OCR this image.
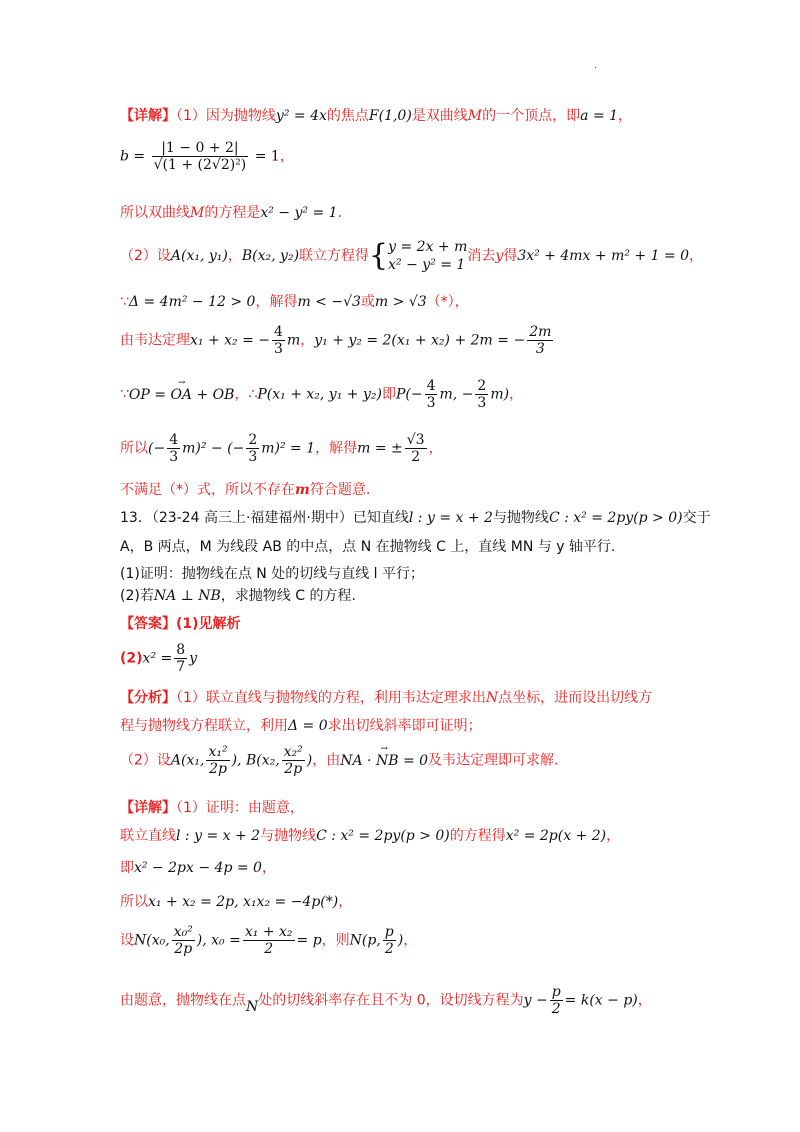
.
【详解】（1）因为抛物线y² = 4x的焦点F(1,0)是双曲线M的一个顶点，即a = 1，
$b = \frac{|1 - 0 + 2|}{\text{√(1 + (2√2)²)}} = 1$，
所以双曲线M的方程是x² − y² = 1.
（2）设A(x₁, y₁)，B(x₂, y₂)联立方程得{ y = 2x + m
x² − y² = 1
消去y得3x² + 4mx + m² + 1 = 0，
∵Δ = 4m² − 12 > 0，解得m < −√3或m > √3（*），
由韦达定理x₁ + x₂ = − $\frac{4}{3}$ m，y₁ + y₂ = 2(x₁ + x₂) + 2m = − $\frac{2m}{3}$
∵→ OP = OA + OB，∴P(x₁ + x₂, y₁ + y₂)即$P(- \frac{4}{3} m$, − $\frac{2}{3} m$)，
所以(− $\frac{4}{3} m)^2$ − (− $\frac{2}{3} m)^2 = 1$，解得m = ± $\frac{√3}{2}$ ，
不满足（*）式，所以不存在m符合题意.
13．（23-24 高三上·福建福州·期中）已知直线l : y = x + 2与抛物线C : x² = 2py(p > 0)交于
A，B 两点，M 为线段 AB 的中点，点 N 在抛物线 C 上，直线 MN 与 y 轴平行.
(1)证明：抛物线在点 N 处的切线与直线 l 平行；
(2)若NA ⊥ NB，求抛物线 C 的方程.
【答案】(1)见解析
$(2)x^2 = \frac{8}{7}$ y
【分析】（1）联立直线与抛物线的方程，利用韦达定理求出N点坐标，进而设出切线方
程与抛物线方程联立，利用Δ = 0求出切线斜率即可证明；
（2）设A(x₁, $\frac{\text{x₁²}}{2p}$ ), B(x₂, $\frac{\text{x₂²}}{2p}$ )，由→ NA · NB = 0及韦达定理即可求解.
【详解】（1）证明：由题意，
联立直线l : y = x + 2与抛物线C : x² = 2py(p > 0)的方程得x² = 2p(x + 2)，
即x² − 2px − 4p = 0，
所以x₁ + x₂ = 2p, x₁x₂ = −4p(*)，
设N(x₀, $\frac{\text{x₀²}}{2p}$ ), $x_0 = \frac{\text{x₁ + x₂}}{2} = p$，则N(p, $\frac{p}{2}$ )，
由题意，抛物线在点N处的切线斜率存在且不为 0，设切线方程为$y - \frac{p}{2} = k(x - p)$，
